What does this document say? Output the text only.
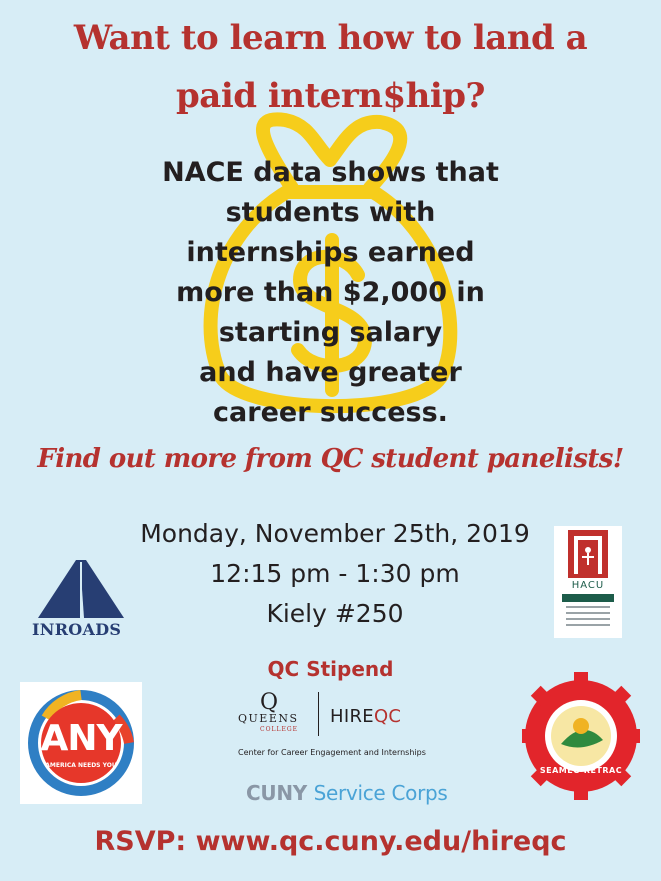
Want to learn how to land a
paid intern$hip?
NACE data shows that
students with
internships earned
more than $2,000 in
starting salary
and have greater
career success.
Find out more from QC student panelists!
Monday, November 25th, 2019
12:15 pm - 1:30 pm
Kiely #250
INROADS
HACU
QC Stipend
ANY
AMERICA NEEDS YOU
Q
QUEENS
COLLEGE
HIREQC
Center for Career Engagement and Internships
CUNY Service Corps
SEAMEO RETRAC
RSVP: www.qc.cuny.edu/hireqc
